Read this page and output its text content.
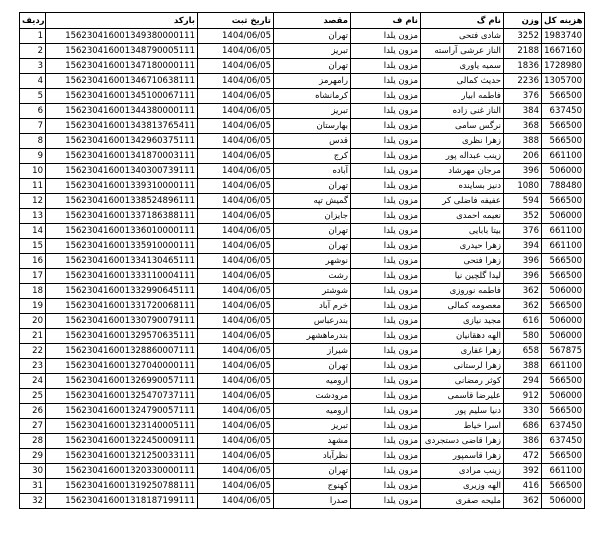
ردیف	بارکد	تاریخ ثبت	مقصد	نام ف	نام گ	وزن	هزینه کل
1	156230416001349380000111	1404/06/05	تهران	مزون یلدا	شادی فتحی	3252	1983740
2	156230416001348790005111	1404/06/05	تبریز	مزون یلدا	الناز عرشی آراسته	2188	1667160
3	156230416001347180000111	1404/06/05	تهران	مزون یلدا	سمیه یاوری	1836	1728980
4	156230416001346710638111	1404/06/05	رامهرمز	مزون یلدا	حدیث کمالی	2236	1305700
5	156230416001345100067111	1404/06/05	کرمانشاه	مزون یلدا	فاطمه ابیار	376	566500
6	156230416001344380000111	1404/06/05	تبریز	مزون یلدا	الناز غنی زاده	384	637450
7	156230416001343813765411	1404/06/05	بهارستان	مزون یلدا	نرگس سامی	368	566500
8	156230416001342960375111	1404/06/05	قدس	مزون یلدا	زهرا نظری	388	566500
9	156230416001341870003111	1404/06/05	کرج	مزون یلدا	زینب عبداله پور	206	661100
10	156230416001340300739111	1404/06/05	آباده	مزون یلدا	مرجان مهرشاد	396	506000
11	156230416001339310000111	1404/06/05	تهران	مزون یلدا	دنیز بساینده	1080	788480
12	156230416001338524896111	1404/06/05	گمیش تپه	مزون یلدا	عفیفه فاضلی کر	594	566500
13	156230416001337186388111	1404/06/05	جایزان	مزون یلدا	نعیمه احمدی	352	506000
14	156230416001336010000111	1404/06/05	تهران	مزون یلدا	بیتا بابایی	376	661100
15	156230416001335910000111	1404/06/05	تهران	مزون یلدا	زهرا حیدری	394	661100
16	156230416001334130465111	1404/06/05	نوشهر	مزون یلدا	زهرا فتحی	396	566500
17	156230416001333110004111	1404/06/05	رشت	مزون یلدا	لیدا گلچین نیا	396	566500
18	156230416001332990645111	1404/06/05	شوشتر	مزون یلدا	فاطمه نوروزی	362	506000
19	156230416001331720068111	1404/06/05	خرم آباد	مزون یلدا	معصومه کمالی	362	566500
20	156230416001330790079111	1404/06/05	بندرعباس	مزون یلدا	مجید نیازی	616	506000
21	156230416001329570635111	1404/06/05	بندرماهشهر	مزون یلدا	الهه دهقانیان	580	506000
22	156230416001328860007111	1404/06/05	شیراز	مزون یلدا	زهرا غفاری	658	567875
23	156230416001327040000111	1404/06/05	تهران	مزون یلدا	زهرا لرستانی	388	661100
24	156230416001326990057111	1404/06/05	ارومیه	مزون یلدا	کوثر رمضانی	294	566500
25	156230416001325470737111	1404/06/05	مرودشت	مزون یلدا	علیرضا قاسمی	912	506000
26	156230416001324790057111	1404/06/05	ارومیه	مزون یلدا	دنیا سلیم پور	330	566500
27	156230416001323140005111	1404/06/05	تبریز	مزون یلدا	اسرا خیاط	686	637450
28	156230416001322450009111	1404/06/05	مشهد	مزون یلدا	زهرا قاضی دستجردی	386	637450
29	156230416001321250033111	1404/06/05	نظرآباد	مزون یلدا	زهرا قاسمپور	472	566500
30	156230416001320330000111	1404/06/05	تهران	مزون یلدا	زینب مرادی	392	661100
31	156230416001319250788111	1404/06/05	کهنوج	مزون یلدا	الهه وزیری	416	566500
32	156230416001318187199111	1404/06/05	صدرا	مزون یلدا	ملیحه صفری	362	506000
